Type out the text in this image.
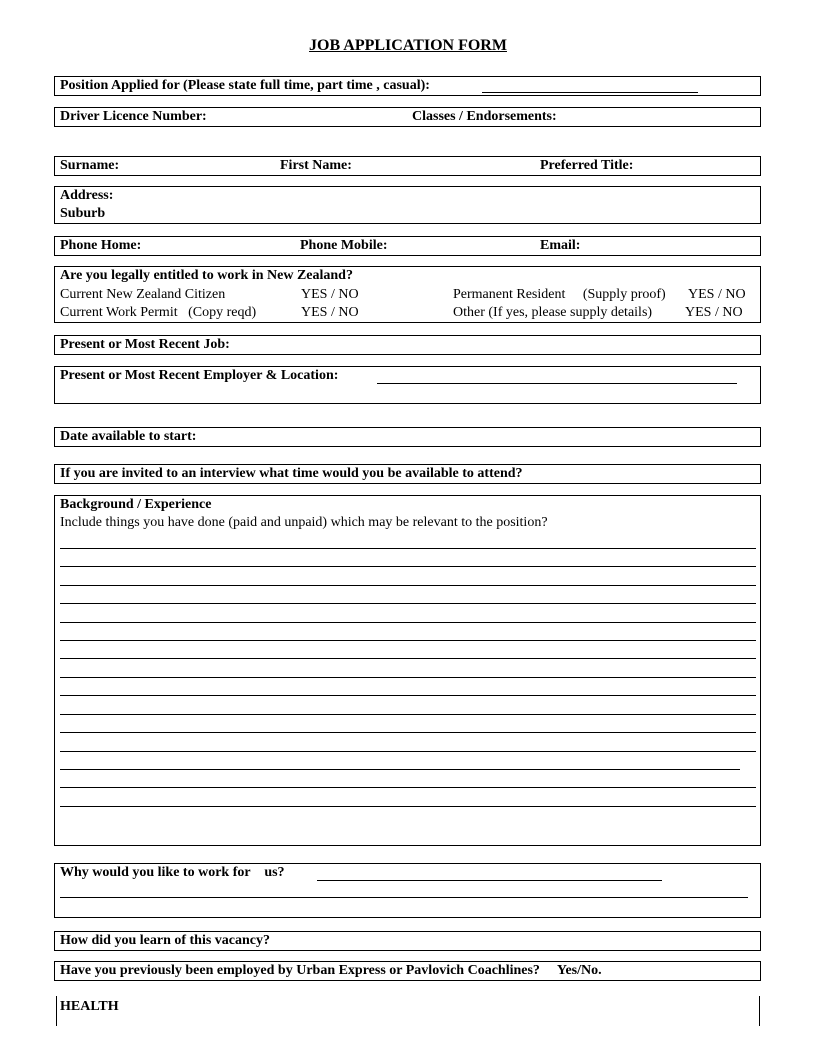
JOB APPLICATION FORM
Position Applied for (Please state full time, part time , casual):
Driver Licence Number:	Classes / Endorsements:
Surname:	First Name:	Preferred Title:
Address:
Suburb
Phone Home:	Phone Mobile:	Email:
Are you legally entitled to work in New Zealand?
Current New Zealand Citizen	YES / NO	Permanent Resident     (Supply proof) YES / NO
Current Work Permit   (Copy reqd)	YES / NO	Other (If yes, please supply details) YES / NO
Present or Most Recent Job:
Present or Most Recent Employer & Location:
Date available to start:
If you are invited to an interview what time would you be available to attend?
Background / Experience
Include things you have done (paid and unpaid) which may be relevant to the position?
Why would you like to work for    us?
How did you learn of this vacancy?
Have you previously been employed by Urban Express or Pavlovich Coachlines?     Yes/No.
HEALTH
